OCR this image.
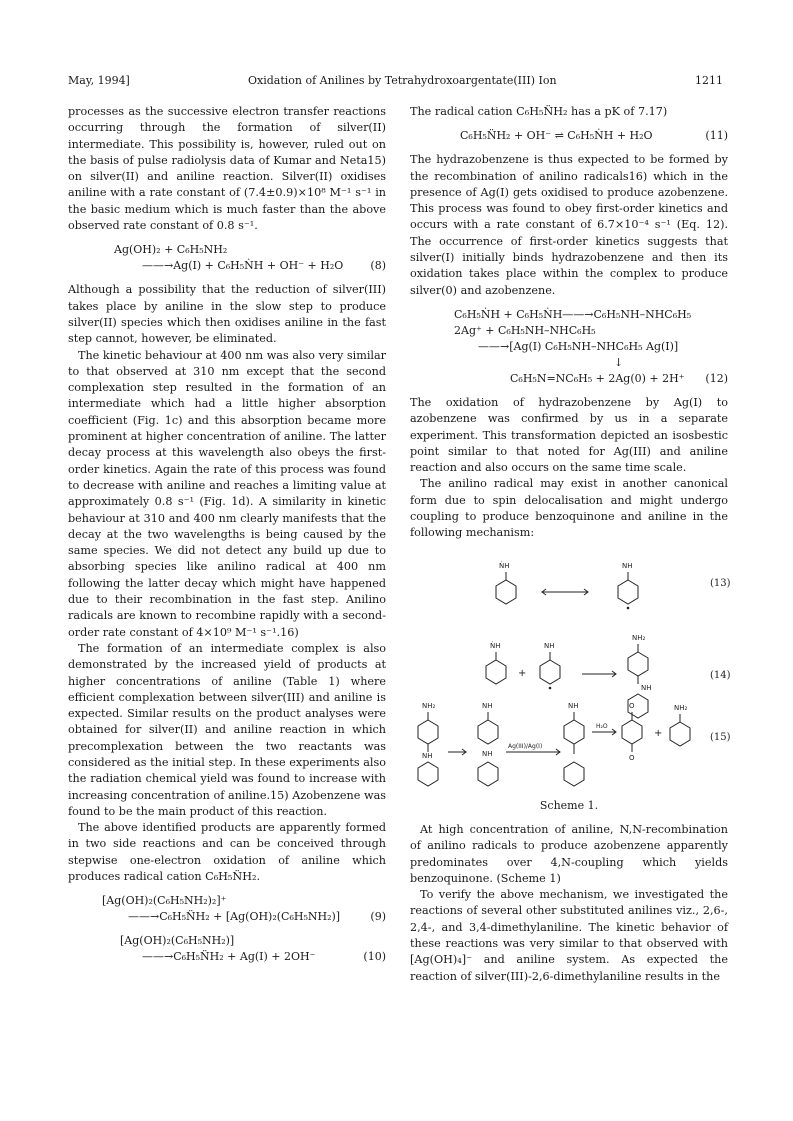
May, 1994]	Oxidation of Anilines by Tetrahydroxoargentate(III) Ion	1211

processes as the successive electron transfer reactions occurring through the formation of silver(II) intermediate. This possibility is, however, ruled out on the basis of pulse radiolysis data of Kumar and Neta15) on silver(II) and aniline reaction. Silver(II) oxidises aniline with a rate constant of (7.4±0.9)×10⁸ M⁻¹ s⁻¹ in the basic medium which is much faster than the above observed rate constant of 0.8 s⁻¹.

Ag(OH)₂ + C₆H₅NH₂
——→Ag(I) + C₆H₅ṄH + OH⁻ + H₂O	(8)

Although a possibility that the reduction of silver(III) takes place by aniline in the slow step to produce silver(II) species which then oxidises aniline in the fast step cannot, however, be eliminated.

The kinetic behaviour at 400 nm was also very similar to that observed at 310 nm except that the second complexation step resulted in the formation of an intermediate which had a little higher absorption coefficient (Fig. 1c) and this absorption became more prominent at higher concentration of aniline. The latter decay process at this wavelength also obeys the first-order kinetics. Again the rate of this process was found to decrease with aniline and reaches a limiting value at approximately 0.8 s⁻¹ (Fig. 1d). A similarity in kinetic behaviour at 310 and 400 nm clearly manifests that the decay at the two wavelengths is being caused by the same species. We did not detect any build up due to absorbing species like anilino radical at 400 nm following the latter decay which might have happened due to their recombination in the fast step. Anilino radicals are known to recombine rapidly with a second-order rate constant of 4×10⁹ M⁻¹ s⁻¹.16)

The formation of an intermediate complex is also demonstrated by the increased yield of products at higher concentrations of aniline (Table 1) where efficient complexation between silver(III) and aniline is expected. Similar results on the product analyses were obtained for silver(II) and aniline reaction in which precomplexation between the two reactants was considered as the initial step. In these experiments also the radiation chemical yield was found to increase with increasing concentration of aniline.15) Azobenzene was found to be the main product of this reaction.

The above identified products are apparently formed in two side reactions and can be conceived through stepwise one-electron oxidation of aniline which produces radical cation C₆H₅N̈H₂.

[Ag(OH)₂(C₆H₅NH₂)₂]⁺
——→C₆H₅N̈H₂ + [Ag(OH)₂(C₆H₅NH₂)]	(9)
[Ag(OH)₂(C₆H₅NH₂)]
——→C₆H₅N̈H₂ + Ag(I) + 2OH⁻	(10)

The radical cation C₆H₅N̈H₂ has a pK of 7.17)

C₆H₅N̈H₂ + OH⁻ ⇌ C₆H₅ṄH + H₂O	(11)

The hydrazobenzene is thus expected to be formed by the recombination of anilino radicals16) which in the presence of Ag(I) gets oxidised to produce azobenzene. This process was found to obey first-order kinetics and occurs with a rate constant of 6.7×10⁻⁴ s⁻¹ (Eq. 12). The occurrence of first-order kinetics suggests that silver(I) initially binds hydrazobenzene and then its oxidation takes place within the complex to produce silver(0) and azobenzene.

C₆H₅ṄH + C₆H₅ṄH——→C₆H₅NH–NHC₆H₅
2Ag⁺ + C₆H₅NH–NHC₆H₅
——→[Ag(I) C₆H₅NH–NHC₆H₅ Ag(I)]
↓
C₆H₅N=NC₆H₅ + 2Ag(0) + 2H⁺	(12)

The oxidation of hydrazobenzene by Ag(I) to azobenzene was confirmed by us in a separate experiment. This transformation depicted an isosbestic point similar to that noted for Ag(III) and aniline reaction and also occurs on the same time scale.

The anilino radical may exist in another canonical form due to spin delocalisation and might undergo coupling to produce benzoquinone and aniline in the following mechanism:

ṄH	NH
(13)
ṄH
+
NH
NH₂
NH
(14)
NH₂
NH
NH
NH
Ag(III)/Ag(I)
NH
H₂O
O
O
+
NH₂
(15)
Scheme 1.

At high concentration of aniline, N,N-recombination of anilino radicals to produce azobenzene apparently predominates over 4,N-coupling which yields benzoquinone. (Scheme 1)

To verify the above mechanism, we investigated the reactions of several other substituted anilines viz., 2,6-, 2,4-, and 3,4-dimethylaniline. The kinetic behavior of these reactions was very similar to that observed with [Ag(OH)₄]⁻ and aniline system. As expected the reaction of silver(III)-2,6-dimethylaniline results in the
